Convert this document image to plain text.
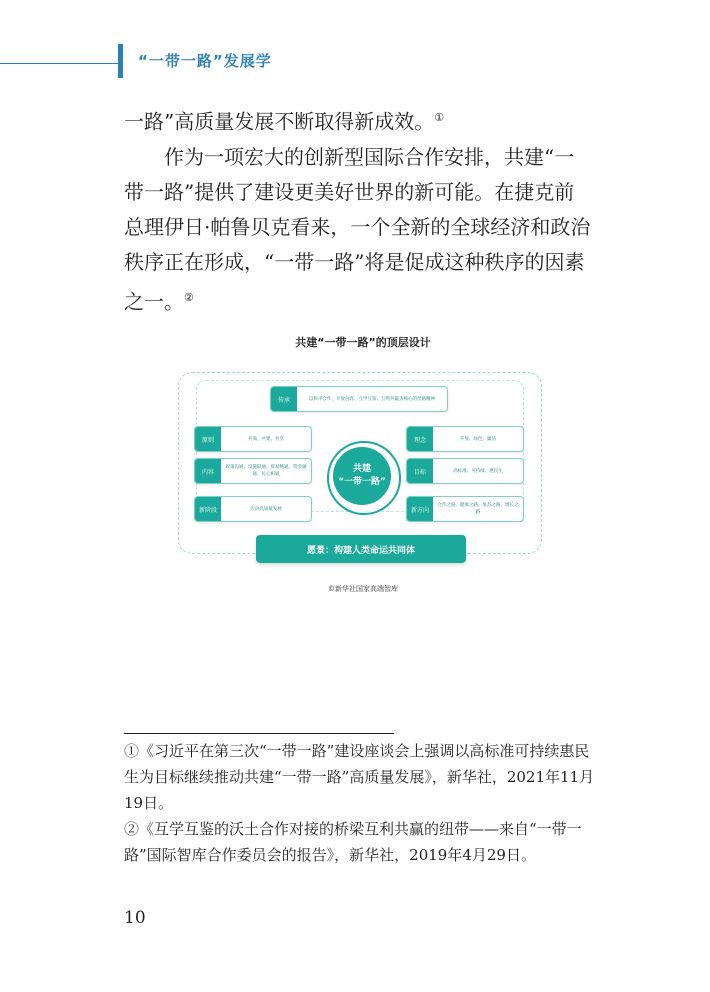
“一带一路”发展学
一路”高质量发展不断取得新成效。①
作为一项宏大的创新型国际合作安排，共建“一带一路”提供了建设更美好世界的新可能。在捷克前总理伊日·帕鲁贝克看来，一个全新的全球经济和政治秩序正在形成，“一带一路”将是促成这种秩序的因素之一。②
共建“一带一路”的顶层设计
传承	以和平合作、开放包容、互学互鉴、互利共赢为核心的丝路精神
原则	共商、共建、共享
内容
政策沟通、设施联通、贸易畅通、资金融通、民心相通
新阶段	迈向高质量发展
理念	开放、绿色、廉洁
目标	高标准、可持续、惠民生
新方向
合作之路、健康之路、复苏之路、增长之路
共建
“一带一路”
愿景：构建人类命运共同体
©新华社国家高端智库
①《习近平在第三次“一带一路”建设座谈会上强调以高标准可持续惠民生为目标继续推动共建“一带一路”高质量发展》，新华社，2021年11月19日。
②《互学互鉴的沃土合作对接的桥梁互利共赢的纽带——来自“一带一路”国际智库合作委员会的报告》，新华社，2019年4月29日。
10
